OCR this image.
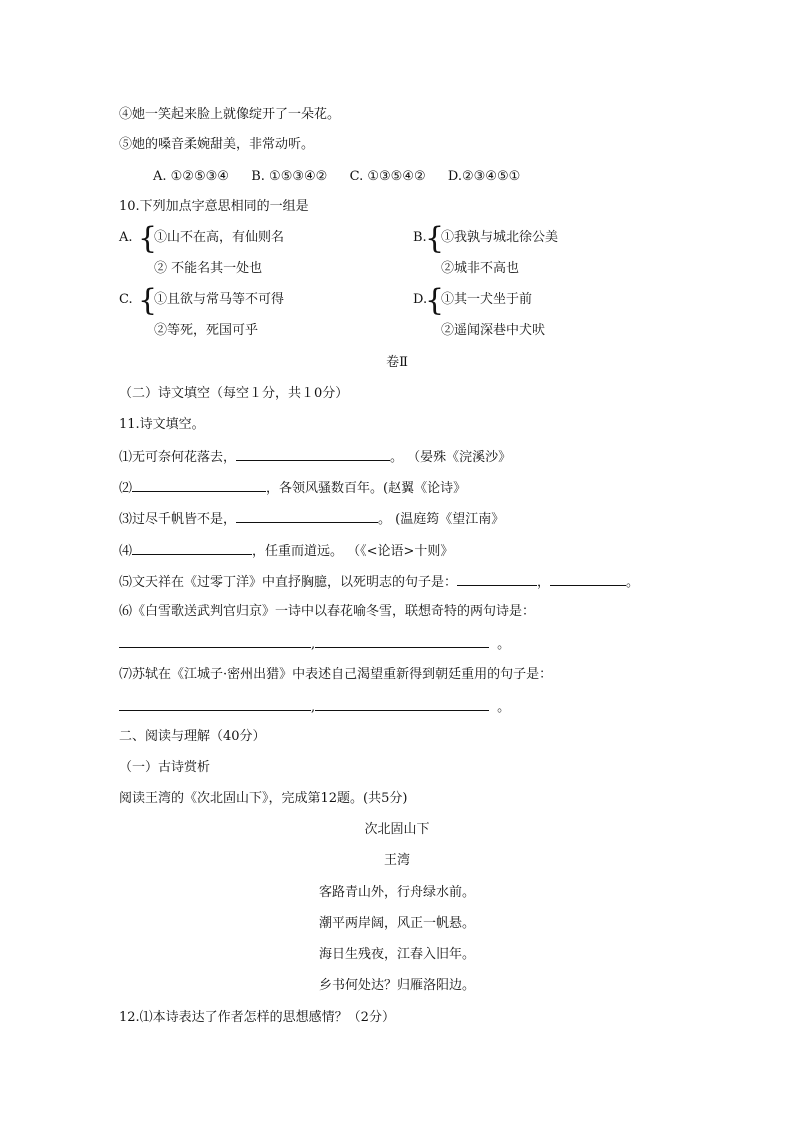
④她一笑起来脸上就像绽开了一朵花。
⑤她的嗓音柔婉甜美，非常动听。
A. ①②⑤③④ B. ①⑤③④② C. ①③⑤④② D.②③④⑤①
10.下列加点字意思相同的一组是
A. {
①山不在高，有仙则名
② 不能名其一处也
B.
{
①我孰与城北徐公美
②城非不高也
C. {
①且欲与常马等不可得
②等死，死国可乎
D.
{
①其一犬坐于前
②遥闻深巷中犬吠
卷Ⅱ
（二）诗文填空（每空１分，共１0分）
11.诗文填空。
⑴无可奈何花落去，	。 （晏殊《浣溪沙》
⑵	，各领风骚数百年。(赵翼《论诗》
⑶过尽千帆皆不是，	。 (温庭筠《望江南》
⑷	，任重而道远。 （《<论语>十则》
⑸文天祥在《过零丁洋》中直抒胸臆，以死明志的句子是：	，	。
⑹《白雪歌送武判官归京》一诗中以春花喻冬雪，联想奇特的两句诗是：
,	。
⑺苏轼在《江城子·密州出猎》中表述自己渴望重新得到朝廷重用的句子是：
,	。
二、阅读与理解（40分）
（一）古诗赏析
阅读王湾的《次北固山下》，完成第12题。(共5分)
次北固山下
王湾
客路青山外，行舟绿水前。
潮平两岸阔，风正一帆悬。
海日生残夜，江春入旧年。
乡书何处达？归雁洛阳边。
12.⑴本诗表达了作者怎样的思想感情？（2分）
